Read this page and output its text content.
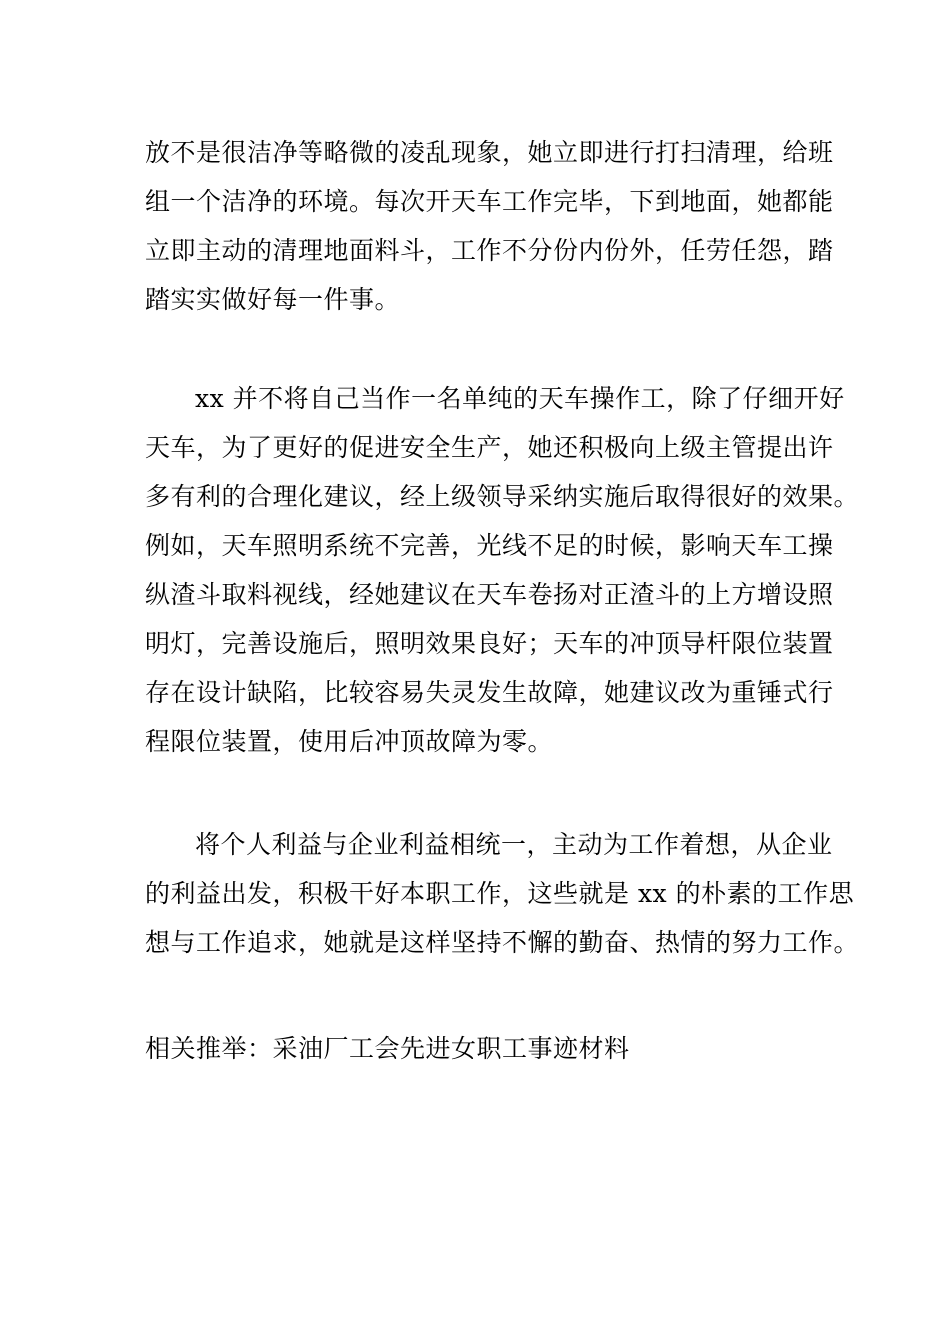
放不是很洁净等略微的凌乱现象，她立即进行打扫清理，给班
组一个洁净的环境。每次开天车工作完毕，下到地面，她都能
立即主动的清理地面料斗，工作不分份内份外，任劳任怨，踏
踏实实做好每一件事。
xx 并不将自己当作一名单纯的天车操作工，除了仔细开好
天车，为了更好的促进安全生产，她还积极向上级主管提出许
多有利的合理化建议，经上级领导采纳实施后取得很好的效果。
例如，天车照明系统不完善，光线不足的时候，影响天车工操
纵渣斗取料视线，经她建议在天车卷扬对正渣斗的上方增设照
明灯，完善设施后，照明效果良好；天车的冲顶导杆限位装置
存在设计缺陷，比较容易失灵发生故障，她建议改为重锤式行
程限位装置，使用后冲顶故障为零。
将个人利益与企业利益相统一，主动为工作着想，从企业
的利益出发，积极干好本职工作，这些就是 xx 的朴素的工作思
想与工作追求，她就是这样坚持不懈的勤奋、热情的努力工作。
相关推举：采油厂工会先进女职工事迹材料
